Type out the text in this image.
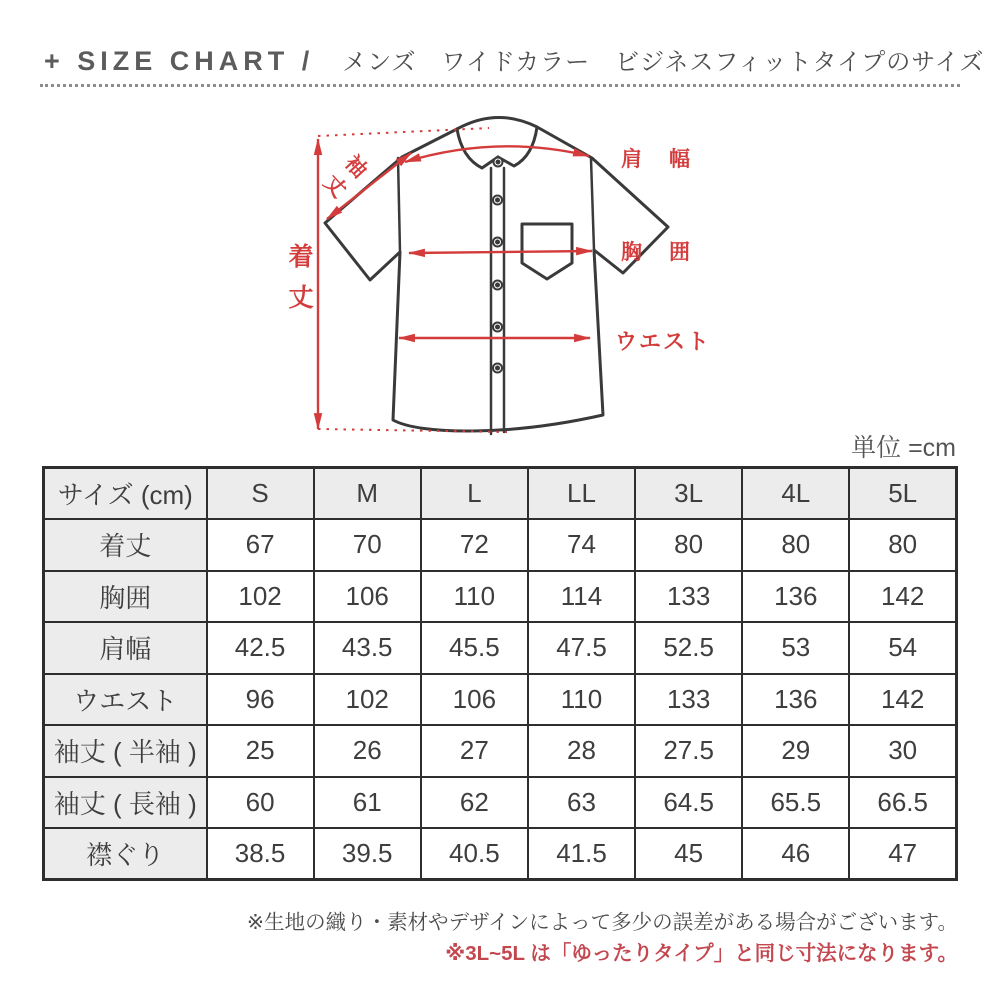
+ SIZE CHART / メンズ　ワイドカラー　ビジネスフィットタイプのサイズ
肩　幅
胸　囲
ウエスト
着丈
袖丈
単位 =cm
サイズ (cm)	S	M	L	LL	3L	4L	5L
着丈	67	70	72	74	80	80	80
胸囲	102	106	110	114	133	136	142
肩幅	42.5	43.5	45.5	47.5	52.5	53	54
ウエスト	96	102	106	110	133	136	142
袖丈 ( 半袖 )	25	26	27	28	27.5	29	30
袖丈 ( 長袖 )	60	61	62	63	64.5	65.5	66.5
襟ぐり	38.5	39.5	40.5	41.5	45	46	47
※生地の織り・素材やデザインによって多少の誤差がある場合がございます。
※3L~5L は「ゆったりタイプ」と同じ寸法になります。
